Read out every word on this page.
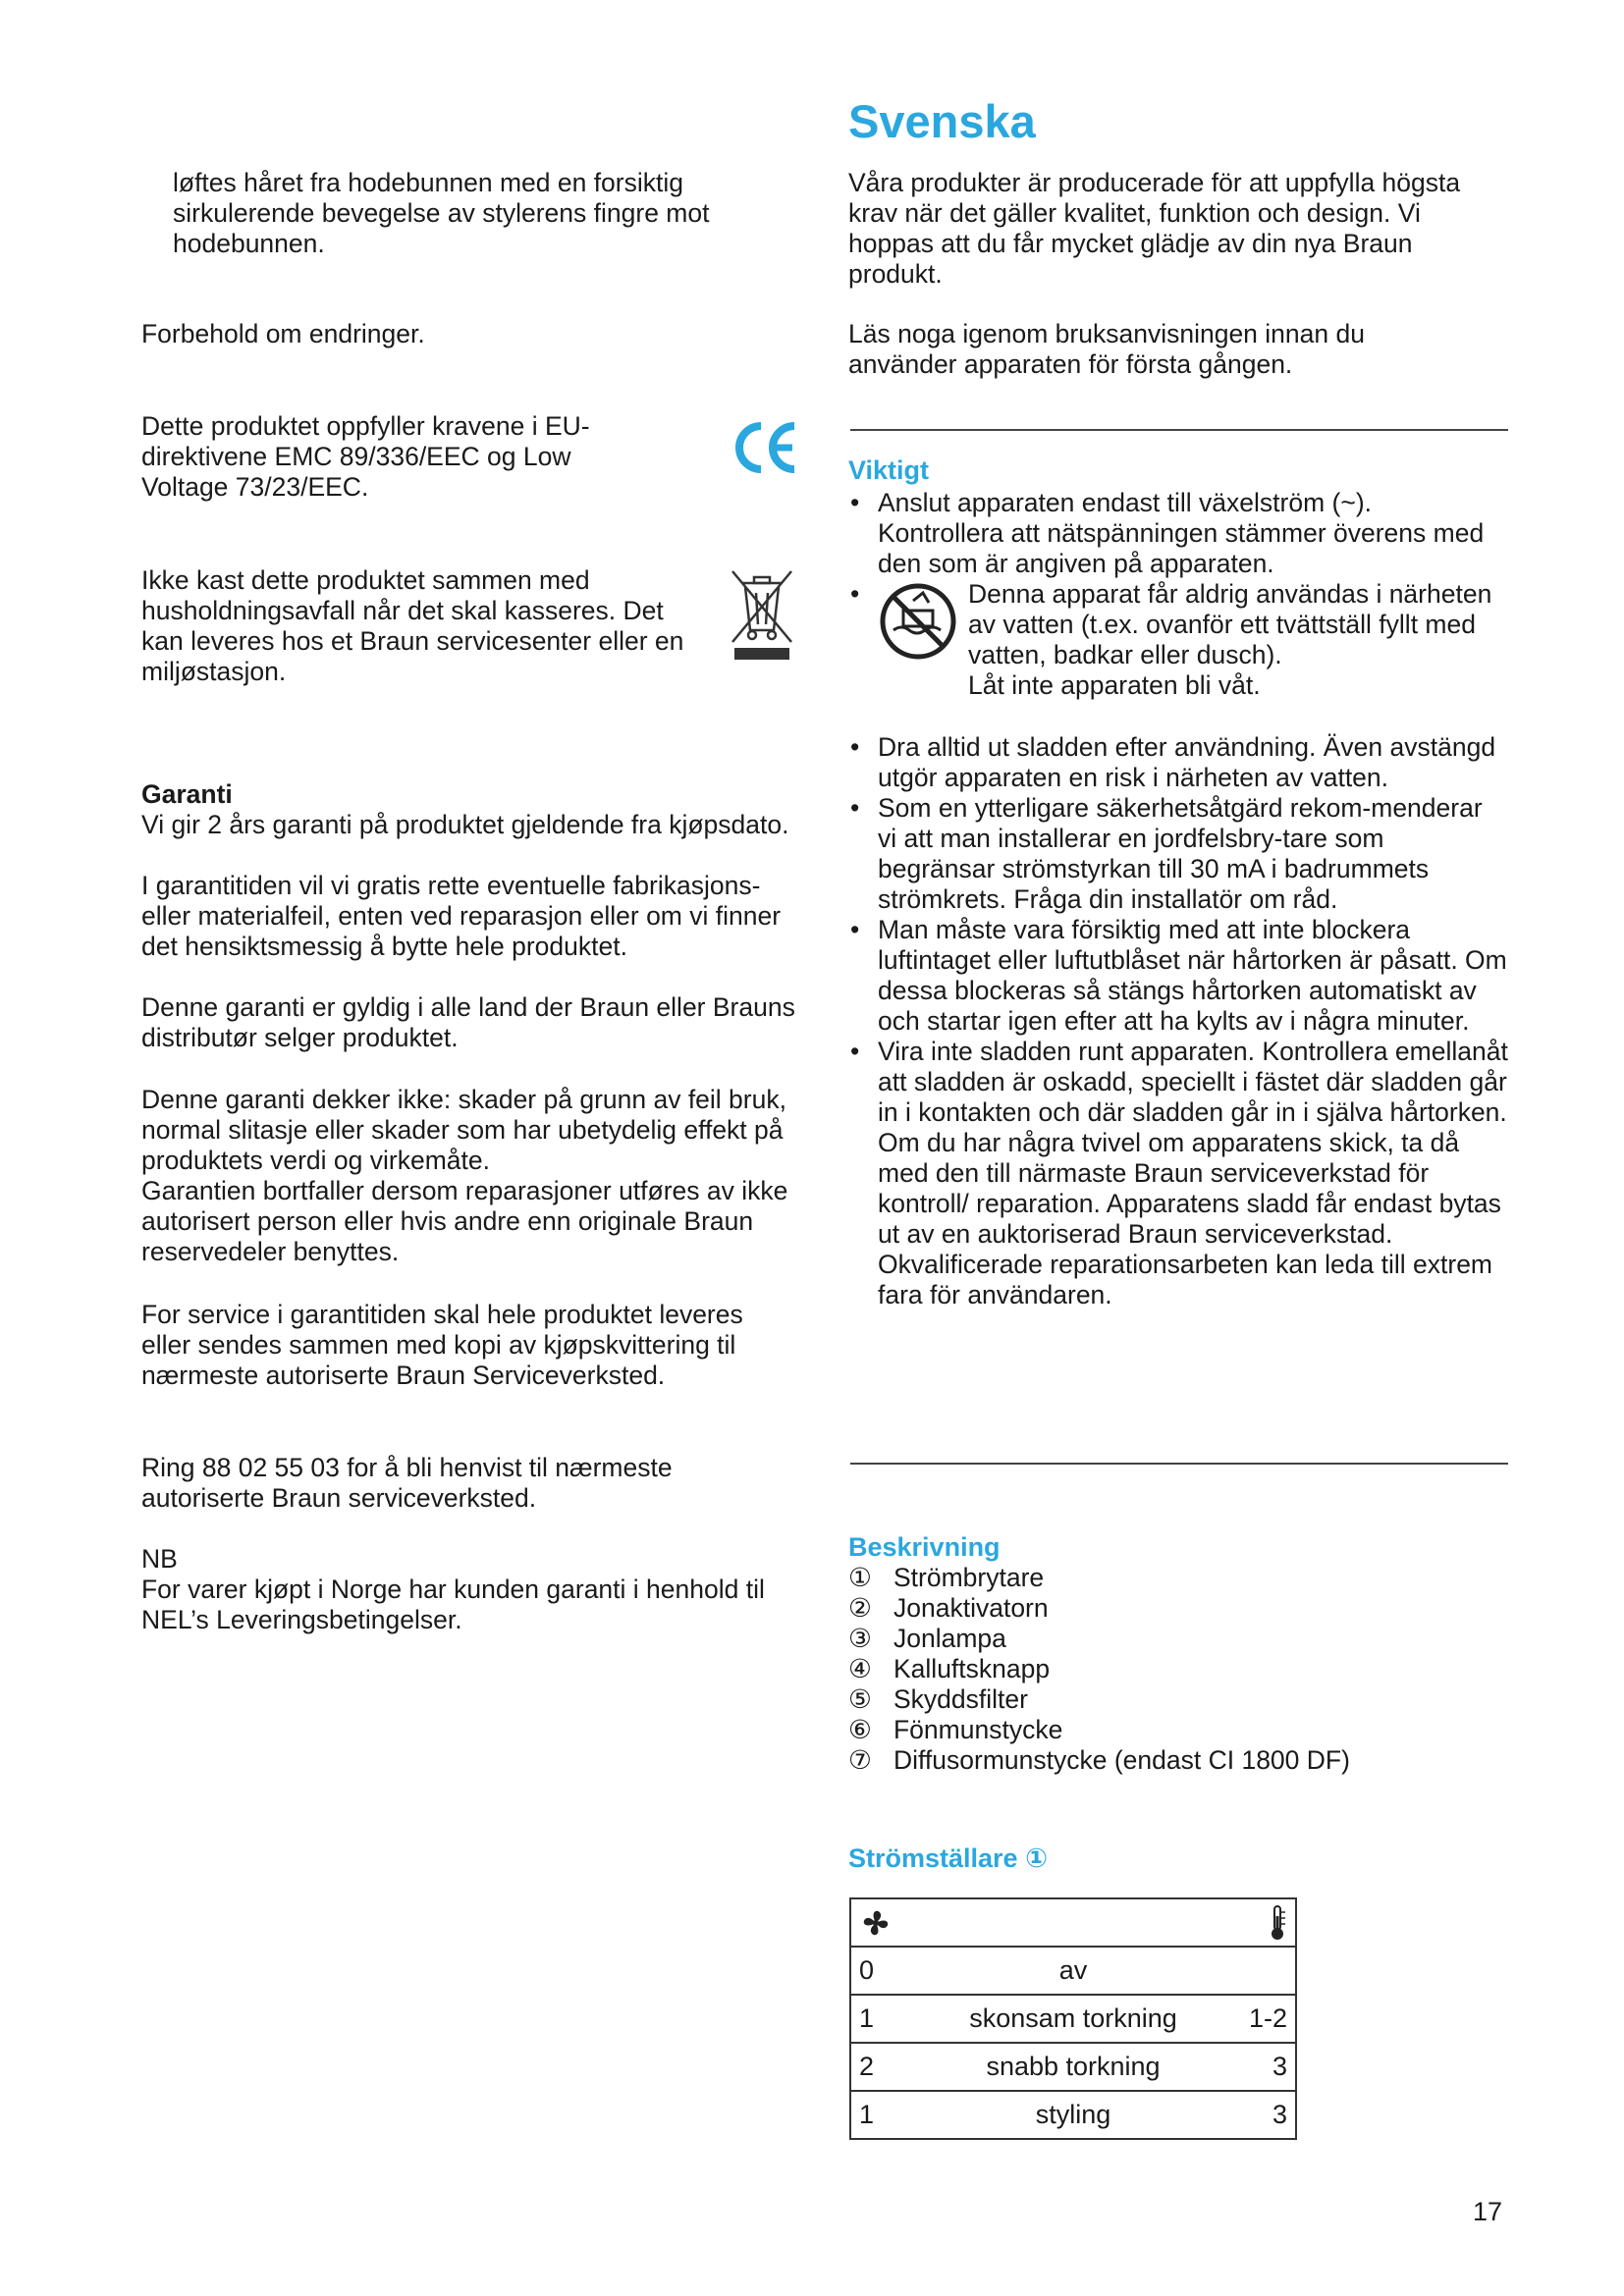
løftes håret fra hodebunnen med en forsiktig sirkulerende bevegelse av stylerens fingre mot hodebunnen.

Forbehold om endringer.

Dette produktet oppfyller kravene i EU-direktivene EMC 89/336/EEC og Low Voltage 73/23/EEC.

Ikke kast dette produktet sammen med husholdningsavfall når det skal kasseres. Det kan leveres hos et Braun servicesenter eller en miljøstasjon.

Garanti

Vi gir 2 års garanti på produktet gjeldende fra kjøpsdato.

I garantitiden vil vi gratis rette eventuelle fabrikasjons- eller materialfeil, enten ved reparasjon eller om vi finner det hensiktsmessig å bytte hele produktet.

Denne garanti er gyldig i alle land der Braun eller Brauns distributør selger produktet.

Denne garanti dekker ikke: skader på grunn av feil bruk, normal slitasje eller skader som har ubetydelig effekt på produktets verdi og virkemåte.

Garantien bortfaller dersom reparasjoner utføres av ikke autorisert person eller hvis andre enn originale Braun reservedeler benyttes.

For service i garantitiden skal hele produktet leveres eller sendes sammen med kopi av kjøpskvittering til nærmeste autoriserte Braun Serviceverksted.

Ring 88 02 55 03 for å bli henvist til nærmeste autoriserte Braun serviceverksted.

NB

For varer kjøpt i Norge har kunden garanti i henhold til NEL’s Leveringsbetingelser.

Svenska

Våra produkter är producerade för att uppfylla högsta krav när det gäller kvalitet, funktion och design. Vi hoppas att du får mycket glädje av din nya Braun produkt.

Läs noga igenom bruksanvisningen innan du använder apparaten för första gången.

Viktigt

• Anslut apparaten endast till växelström (~).
Kontrollera att nätspänningen stämmer överens med den som är angiven på apparaten.
• Denna apparat får aldrig användas i närheten av vatten (t.ex. ovanför ett tvättställ fyllt med vatten, badkar eller dusch).
Låt inte apparaten bli våt.
• Dra alltid ut sladden efter användning. Även avstängd utgör apparaten en risk i närheten av vatten.
• Som en ytterligare säkerhetsåtgärd rekom-menderar vi att man installerar en jordfelsbry-tare som begränsar strömstyrkan till 30 mA i badrummets strömkrets. Fråga din installatör om råd.
• Man måste vara försiktig med att inte blockera luftintaget eller luftutblåset när hårtorken är påsatt. Om dessa blockeras så stängs hårtorken automatiskt av och startar igen efter att ha kylts av i några minuter.
• Vira inte sladden runt apparaten. Kontrollera emellanåt att sladden är oskadd, speciellt i fästet där sladden går in i kontakten och där sladden går in i själva hårtorken. Om du har några tvivel om apparatens skick, ta då med den till närmaste Braun serviceverkstad för kontroll/ reparation. Apparatens sladd får endast bytas ut av en auktoriserad Braun serviceverkstad. Okvalificerade reparationsarbeten kan leda till extrem fara för användaren.

Beskrivning

① Strömbrytare
② Jonaktivatorn
③ Jonlampa
④ Kalluftsknapp
⑤ Skyddsfilter
⑥ Fönmunstycke
⑦ Diffusormunstycke (endast CI 1800 DF)

Strömställare ①

0	av	
1	skonsam torkning	1-2
2	snabb torkning	3
1	styling	3
17
